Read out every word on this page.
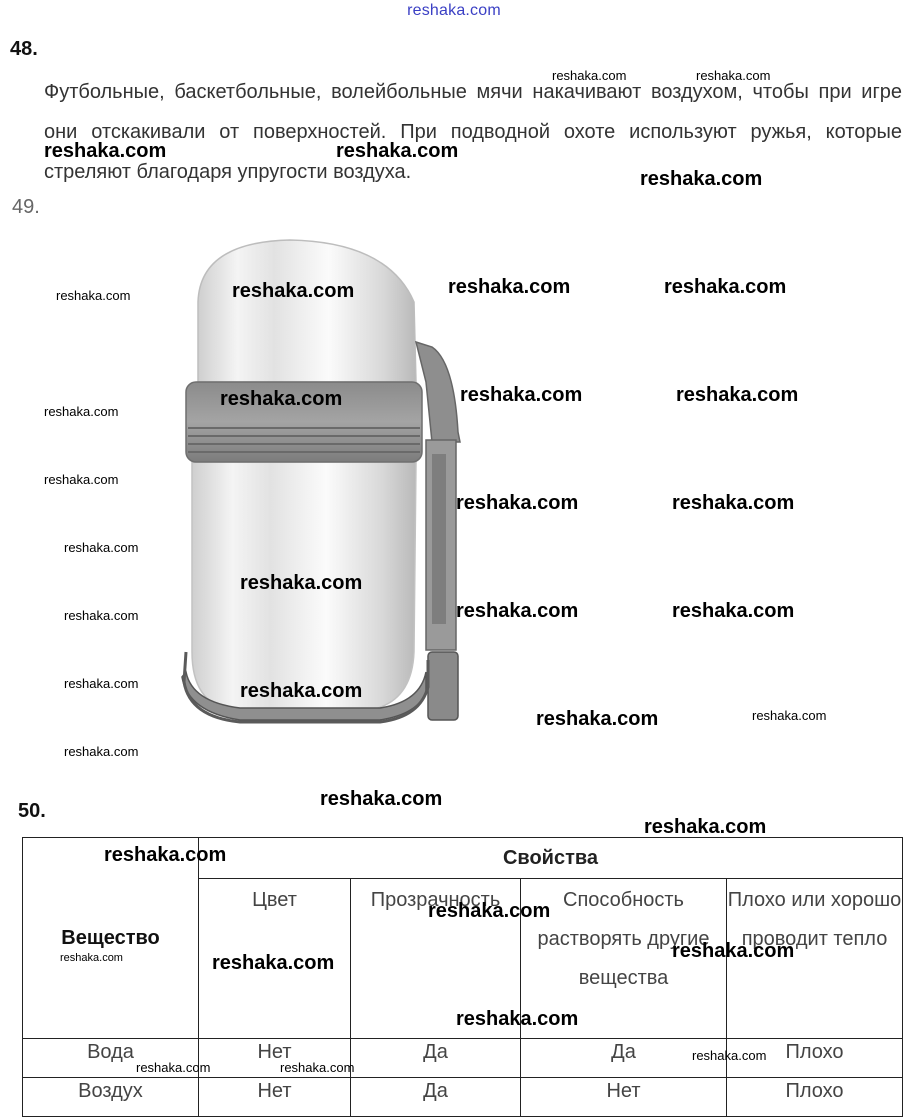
reshaka.com
48.
Футбольные, баскетбольные, волейбольные мячи накачивают воздухом, чтобы при игре они отскакивали от поверхностей. При подводной охоте используют ружья, которые стреляют благодаря упругости воздуха.
49.
50.
Вещество	Свойства			
	Цвет	Прозрачность	Способность растворять другие вещества	Плохо или хорошо проводит тепло
Вода	Нет	Да	Да	Плохо
Воздух	Нет	Да	Нет	Плохо
reshaka.com	reshaka.com
reshaka.com	reshaka.com
reshaka.com
reshaka.com	reshaka.com	reshaka.com	reshaka.com
reshaka.com	reshaka.com	reshaka.com
reshaka.com
reshaka.com
reshaka.com	reshaka.com
reshaka.com
reshaka.com
reshaka.com	reshaka.com
reshaka.com
reshaka.com	reshaka.com
reshaka.com	reshaka.com
reshaka.com
reshaka.com
reshaka.com
reshaka.com
reshaka.com
reshaka.com
reshaka.com	reshaka.com
reshaka.com
reshaka.com
reshaka.com	reshaka.com
